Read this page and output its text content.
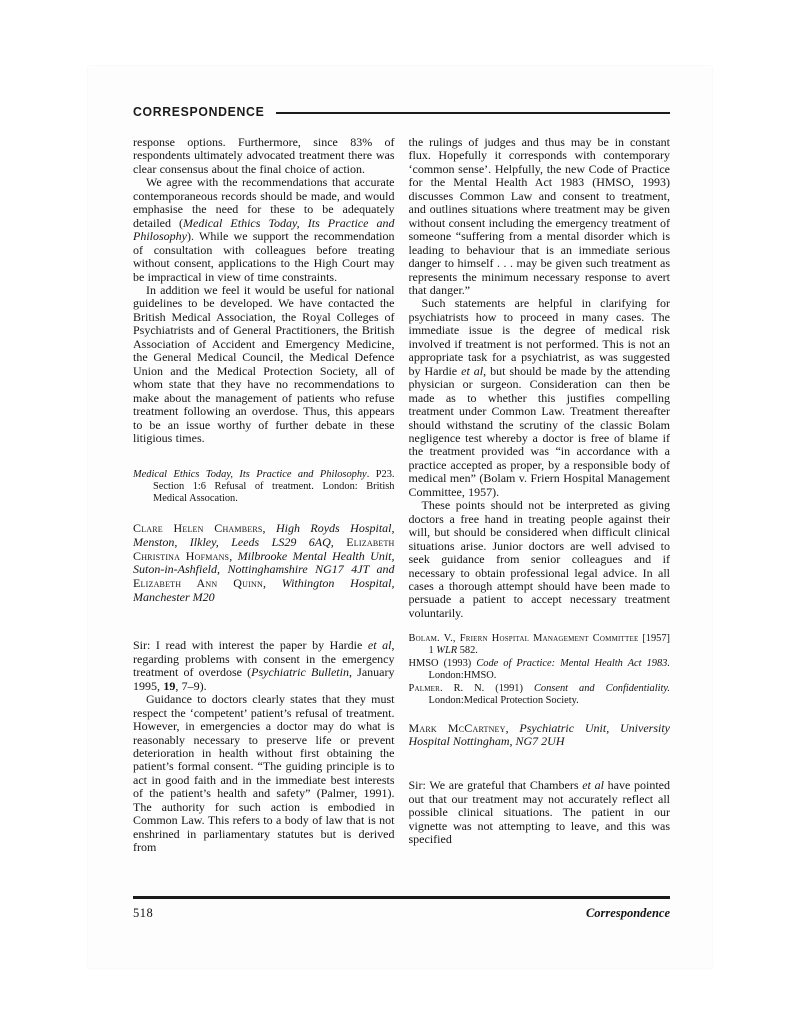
CORRESPONDENCE

response options. Furthermore, since 83% of respondents ultimately advocated treatment there was clear consensus about the final choice of action.

We agree with the recommendations that accurate contemporaneous records should be made, and would emphasise the need for these to be adequately detailed (Medical Ethics Today, Its Practice and Philosophy). While we support the recommendation of consultation with colleagues before treating without consent, applications to the High Court may be impractical in view of time constraints.

In addition we feel it would be useful for national guidelines to be developed. We have contacted the British Medical Association, the Royal Colleges of Psychiatrists and of General Practitioners, the British Association of Accident and Emergency Medicine, the General Medical Council, the Medical Defence Union and the Medical Protection Society, all of whom state that they have no recommendations to make about the management of patients who refuse treatment following an overdose. Thus, this appears to be an issue worthy of further debate in these litigious times.

Medical Ethics Today, Its Practice and Philosophy. P23. Section 1:6 Refusal of treatment. London: British Medical Assocation.

Clare Helen Chambers, High Royds Hospital, Menston, Ilkley, Leeds LS29 6AQ, Elizabeth Christina Hofmans, Milbrooke Mental Health Unit, Suton-in-Ashfield, Nottinghamshire NG17 4JT and Elizabeth Ann Quinn, Withington Hospital, Manchester M20

Sir: I read with interest the paper by Hardie et al, regarding problems with consent in the emergency treatment of overdose (Psychiatric Bulletin, January 1995, 19, 7–9).

Guidance to doctors clearly states that they must respect the ‘competent’ patient’s refusal of treatment. However, in emergencies a doctor may do what is reasonably necessary to preserve life or prevent deterioration in health without first obtaining the patient’s formal consent. “The guiding principle is to act in good faith and in the immediate best interests of the patient’s health and safety” (Palmer, 1991). The authority for such action is embodied in Common Law. This refers to a body of law that is not enshrined in parliamentary statutes but is derived from

the rulings of judges and thus may be in constant flux. Hopefully it corresponds with contemporary ‘common sense’. Helpfully, the new Code of Practice for the Mental Health Act 1983 (HMSO, 1993) discusses Common Law and consent to treatment, and outlines situations where treatment may be given without consent including the emergency treatment of someone “suffering from a mental disorder which is leading to behaviour that is an immediate serious danger to himself . . . may be given such treatment as represents the minimum necessary response to avert that danger.”

Such statements are helpful in clarifying for psychiatrists how to proceed in many cases. The immediate issue is the degree of medical risk involved if treatment is not performed. This is not an appropriate task for a psychiatrist, as was suggested by Hardie et al, but should be made by the attending physician or surgeon. Consideration can then be made as to whether this justifies compelling treatment under Common Law. Treatment thereafter should withstand the scrutiny of the classic Bolam negligence test whereby a doctor is free of blame if the treatment provided was “in accordance with a practice accepted as proper, by a responsible body of medical men” (Bolam v. Friern Hospital Management Committee, 1957).

These points should not be interpreted as giving doctors a free hand in treating people against their will, but should be considered when difficult clinical situations arise. Junior doctors are well advised to seek guidance from senior colleagues and if necessary to obtain professional legal advice. In all cases a thorough attempt should have been made to persuade a patient to accept necessary treatment voluntarily.

Bolam. V., Friern Hospital Management Committee [1957] 1 WLR 582.

HMSO (1993) Code of Practice: Mental Health Act 1983. London:HMSO.

Palmer. R. N. (1991) Consent and Confidentiality. London:Medical Protection Society.

Mark McCartney, Psychiatric Unit, University Hospital Nottingham, NG7 2UH

Sir: We are grateful that Chambers et al have pointed out that our treatment may not accurately reflect all possible clinical situations. The patient in our vignette was not attempting to leave, and this was specified

518	Correspondence
